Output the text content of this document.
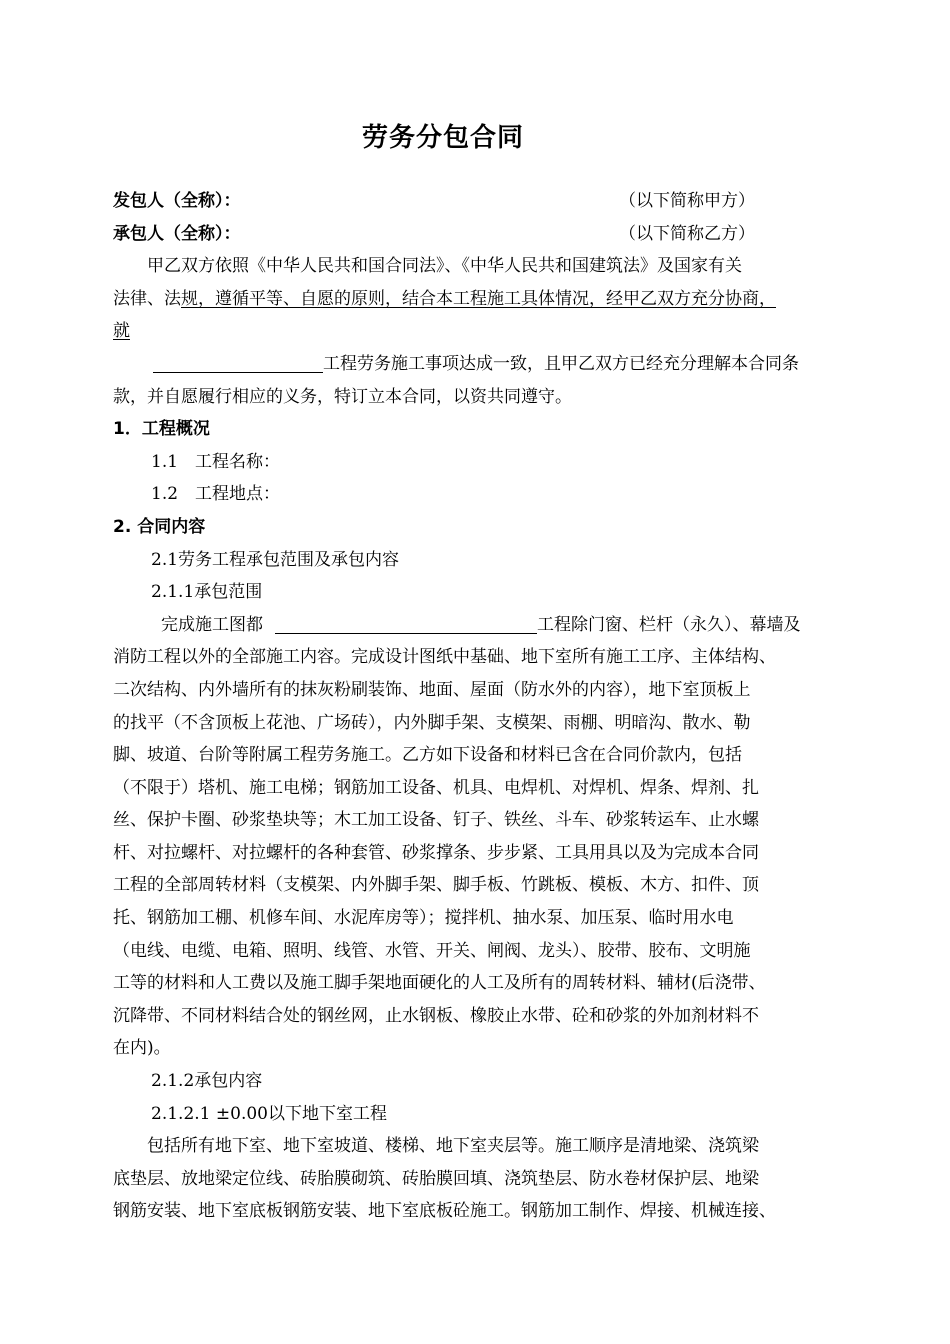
劳务分包合同
发包人（全称）：	（以下简称甲方）
承包人（全称）：	（以下简称乙方）
甲乙双方依照《中华人民共和国合同法》、《中华人民共和国建筑法》及国家有关
法律、法规，遵循平等、自愿的原则，结合本工程施工具体情况，经甲乙双方充分协商，
就
工程劳务施工事项达成一致，且甲乙双方已经充分理解本合同条
款，并自愿履行相应的义务，特订立本合同，以资共同遵守。
1．工程概况
1.1　工程名称：
1.2　工程地点：
2. 合同内容
2.1劳务工程承包范围及承包内容
2.1.1承包范围
完成施工图都	工程除门窗、栏杆（永久）、幕墙及
消防工程以外的全部施工内容。完成设计图纸中基础、地下室所有施工工序、主体结构、
二次结构、内外墙所有的抹灰粉刷装饰、地面、屋面（防水外的内容），地下室顶板上
的找平（不含顶板上花池、广场砖），内外脚手架、支模架、雨棚、明暗沟、散水、勒
脚、坡道、台阶等附属工程劳务施工。乙方如下设备和材料已含在合同价款内，包括
（不限于）塔机、施工电梯；钢筋加工设备、机具、电焊机、对焊机、焊条、焊剂、扎
丝、保护卡圈、砂浆垫块等；木工加工设备、钉子、铁丝、斗车、砂浆转运车、止水螺
杆、对拉螺杆、对拉螺杆的各种套管、砂浆撑条、步步紧、工具用具以及为完成本合同
工程的全部周转材料（支模架、内外脚手架、脚手板、竹跳板、模板、木方、扣件、顶
托、钢筋加工棚、机修车间、水泥库房等）；搅拌机、抽水泵、加压泵、临时用水电
（电线、电缆、电箱、照明、线管、水管、开关、闸阀、龙头）、胶带、胶布、文明施
工等的材料和人工费以及施工脚手架地面硬化的人工及所有的周转材料、辅材(后浇带、
沉降带、不同材料结合处的钢丝网，止水钢板、橡胶止水带、砼和砂浆的外加剂材料不
在内)。
2.1.2承包内容
2.1.2.1 ±0.00以下地下室工程
包括所有地下室、地下室坡道、楼梯、地下室夹层等。施工顺序是清地梁、浇筑梁
底垫层、放地梁定位线、砖胎膜砌筑、砖胎膜回填、浇筑垫层、防水卷材保护层、地梁
钢筋安装、地下室底板钢筋安装、地下室底板砼施工。钢筋加工制作、焊接、机械连接、
